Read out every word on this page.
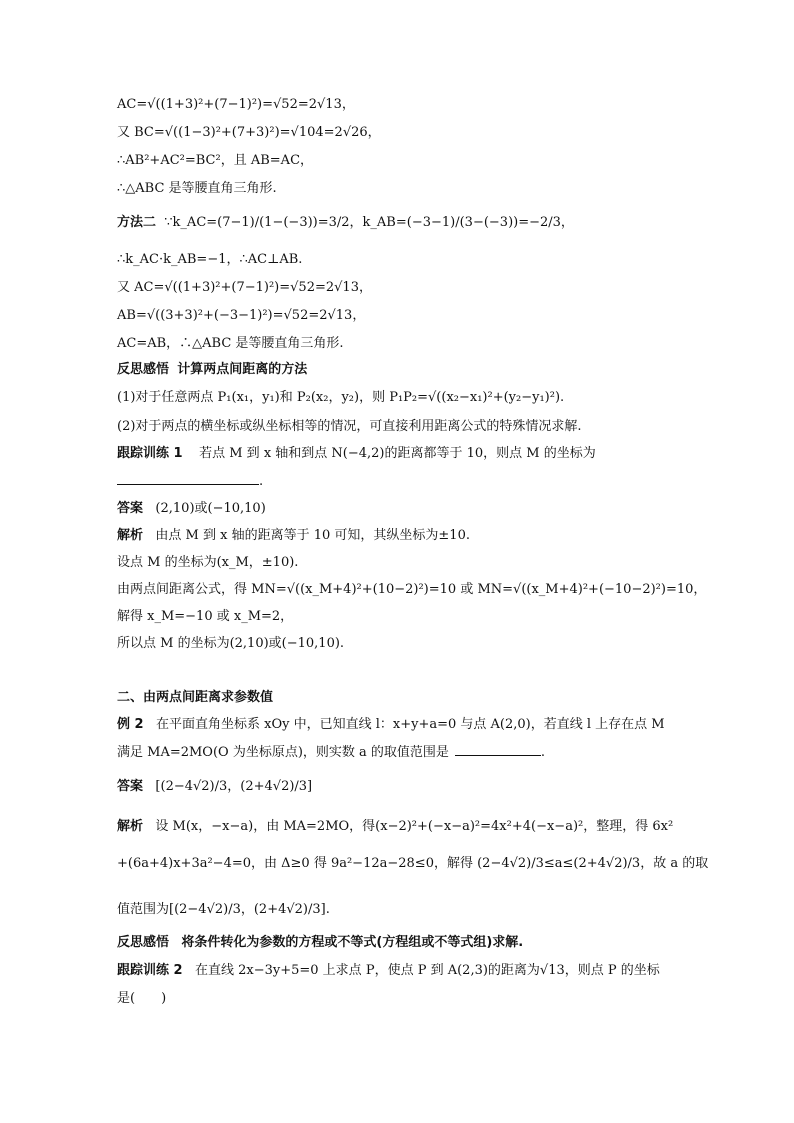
AC=√((1+3)²+(7−1)²)=√52=2√13，
又 BC=√((1−3)²+(7+3)²)=√104=2√26，
∴AB²+AC²=BC²，且 AB=AC，
∴△ABC 是等腰直角三角形.
方法二 ∵k_AC=(7−1)/(1−(−3))=3/2，k_AB=(−3−1)/(3−(−3))=−2/3，
∴k_AC·k_AB=−1，∴AC⊥AB.
又 AC=√((1+3)²+(7−1)²)=√52=2√13，
AB=√((3+3)²+(−3−1)²)=√52=2√13，
AC=AB，∴△ABC 是等腰直角三角形.
反思感悟 计算两点间距离的方法
(1)对于任意两点 P₁(x₁，y₁)和 P₂(x₂，y₂)，则 P₁P₂=√((x₂−x₁)²+(y₂−y₁)²).
(2)对于两点的横坐标或纵坐标相等的情况，可直接利用距离公式的特殊情况求解.
跟踪训练 1 若点 M 到 x 轴和到点 N(−4,2)的距离都等于 10，则点 M 的坐标为
.
答案 (2,10)或(−10,10)
解析 由点 M 到 x 轴的距离等于 10 可知，其纵坐标为±10.
设点 M 的坐标为(x_M，±10).
由两点间距离公式，得 MN=√((x_M+4)²+(10−2)²)=10 或 MN=√((x_M+4)²+(−10−2)²)=10，
解得 x_M=−10 或 x_M=2，
所以点 M 的坐标为(2,10)或(−10,10).
二、由两点间距离求参数值
例 2 在平面直角坐标系 xOy 中，已知直线 l：x+y+a=0 与点 A(2,0)，若直线 l 上存在点 M
满足 MA=2MO(O 为坐标原点)，则实数 a 的取值范围是	.
答案 [(2−4√2)/3，(2+4√2)/3]
解析 设 M(x，−x−a)，由 MA=2MO，得(x−2)²+(−x−a)²=4x²+4(−x−a)²，整理，得 6x²
+(6a+4)x+3a²−4=0，由 Δ≥0 得 9a²−12a−28≤0，解得 (2−4√2)/3≤a≤(2+4√2)/3，故 a 的取
值范围为[(2−4√2)/3，(2+4√2)/3].
反思感悟 将条件转化为参数的方程或不等式(方程组或不等式组)求解.
跟踪训练 2 在直线 2x−3y+5=0 上求点 P，使点 P 到 A(2,3)的距离为√13，则点 P 的坐标
是(　　)
